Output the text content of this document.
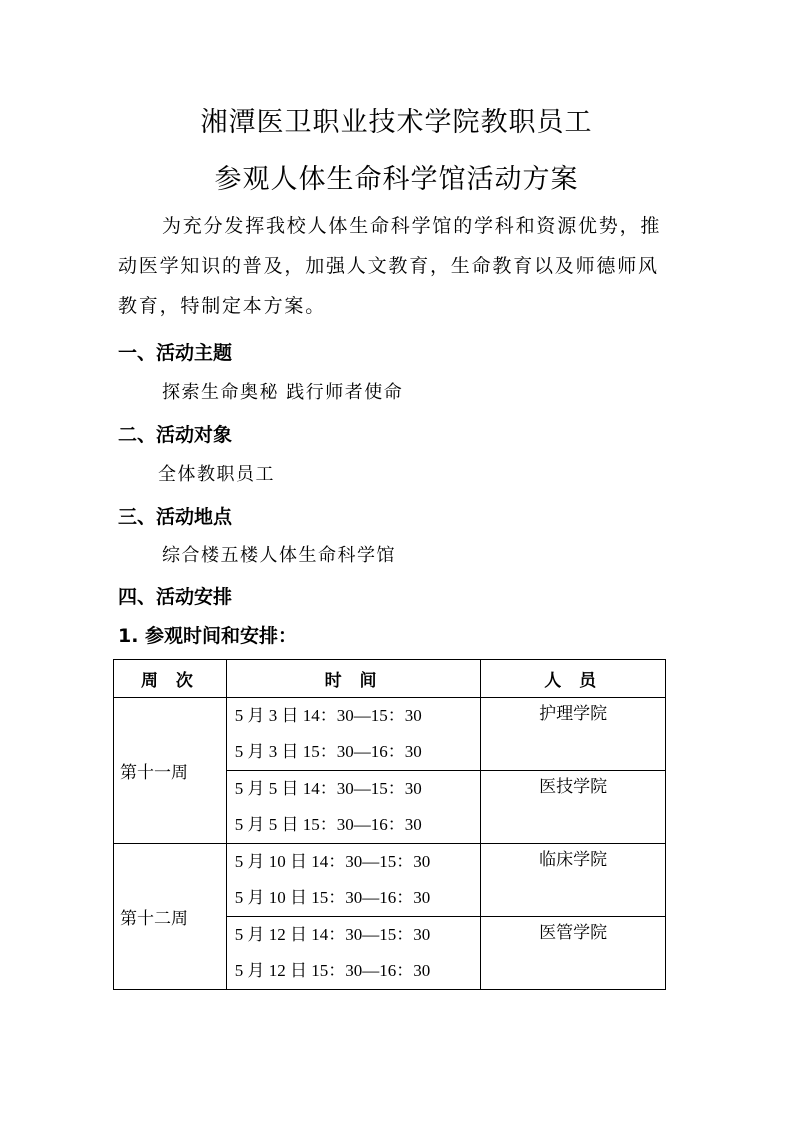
湘潭医卫职业技术学院教职员工
参观人体生命科学馆活动方案
为充分发挥我校人体生命科学馆的学科和资源优势，推
动医学知识的普及，加强人文教育，生命教育以及师德师风
教育，特制定本方案。
一、活动主题
探索生命奥秘 践行师者使命
二、活动对象
全体教职员工
三、活动地点
综合楼五楼人体生命科学馆
四、活动安排
1. 参观时间和安排：
周 次	时 间	人 员
第十一周	5 月 3 日 14：30—15：30
5 月 3 日 15：30—16：30	护理学院

	5 月 5 日 14：30—15：30
5 月 5 日 15：30—16：30	医技学院
第十二周	5 月 10 日 14：30—15：30
5 月 10 日 15：30—16：30	临床学院

	5 月 12 日 14：30—15：30
5 月 12 日 15：30—16：30	医管学院
